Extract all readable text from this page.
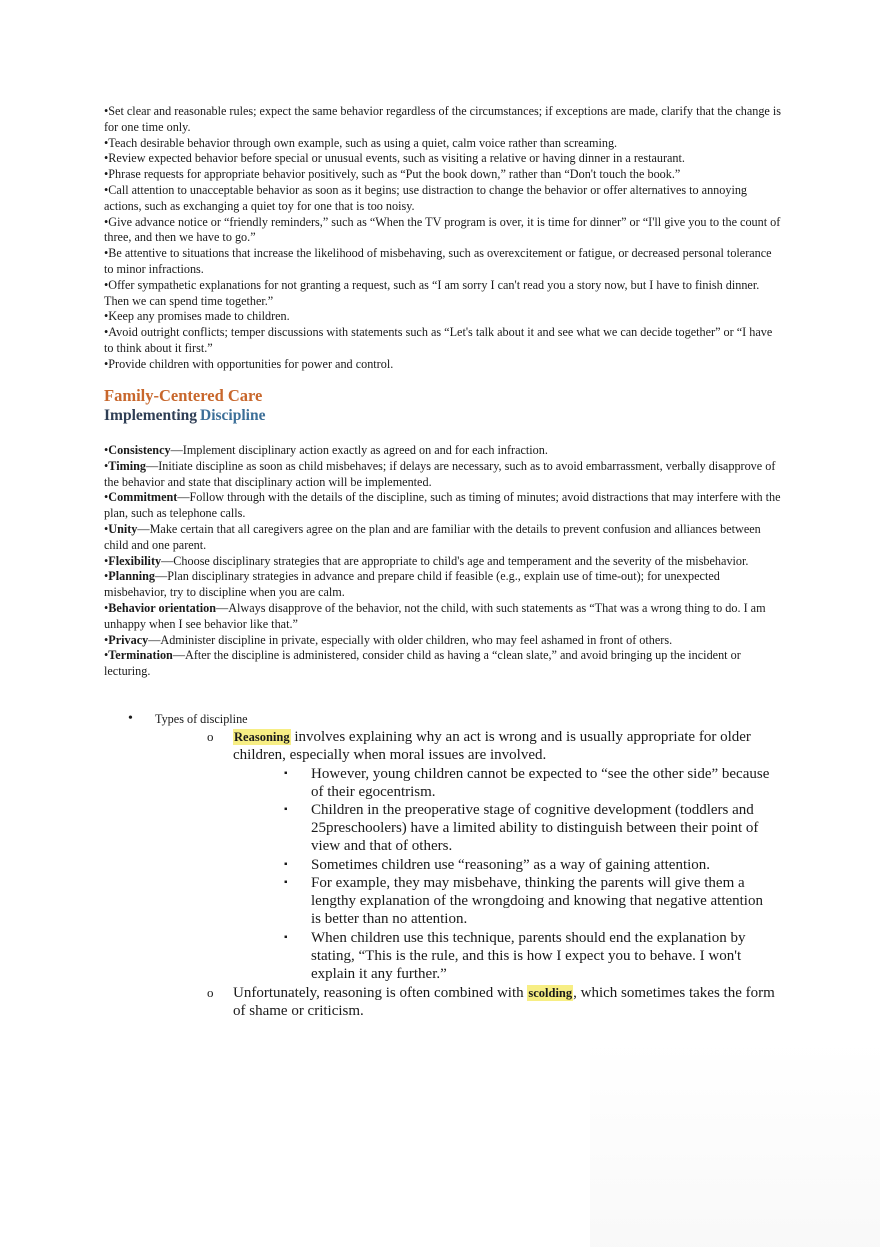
•Set clear and reasonable rules; expect the same behavior regardless of the circumstances; if exceptions are made, clarify that the change is for one time only.

•Teach desirable behavior through own example, such as using a quiet, calm voice rather than screaming.

•Review expected behavior before special or unusual events, such as visiting a relative or having dinner in a restaurant.

•Phrase requests for appropriate behavior positively, such as “Put the book down,” rather than “Don't touch the book.”

•Call attention to unacceptable behavior as soon as it begins; use distraction to change the behavior or offer alternatives to annoying actions, such as exchanging a quiet toy for one that is too noisy.

•Give advance notice or “friendly reminders,” such as “When the TV program is over, it is time for dinner” or “I'll give you to the count of three, and then we have to go.”

•Be attentive to situations that increase the likelihood of misbehaving, such as overexcitement or fatigue, or decreased personal tolerance to minor infractions.

•Offer sympathetic explanations for not granting a request, such as “I am sorry I can't read you a story now, but I have to finish dinner. Then we can spend time together.”

•Keep any promises made to children.

•Avoid outright conflicts; temper discussions with statements such as “Let's talk about it and see what we can decide together” or “I have to think about it first.”

•Provide children with opportunities for power and control.

Family-Centered Care
Implementing Discipline

•Consistency—Implement disciplinary action exactly as agreed on and for each infraction.

•Timing—Initiate discipline as soon as child misbehaves; if delays are necessary, such as to avoid embarrassment, verbally disapprove of the behavior and state that disciplinary action will be implemented.

•Commitment—Follow through with the details of the discipline, such as timing of minutes; avoid distractions that may interfere with the plan, such as telephone calls.

•Unity—Make certain that all caregivers agree on the plan and are familiar with the details to prevent confusion and alliances between child and one parent.

•Flexibility—Choose disciplinary strategies that are appropriate to child's age and temperament and the severity of the misbehavior.

•Planning—Plan disciplinary strategies in advance and prepare child if feasible (e.g., explain use of time-out); for unexpected misbehavior, try to discipline when you are calm.

•Behavior orientation—Always disapprove of the behavior, not the child, with such statements as “That was a wrong thing to do. I am unhappy when I see behavior like that.”

•Privacy—Administer discipline in private, especially with older children, who may feel ashamed in front of others.

•Termination—After the discipline is administered, consider child as having a “clean slate,” and avoid bringing up the incident or lecturing.

• Types of discipline
o Reasoning involves explaining why an act is wrong and is usually appropriate for older children, especially when moral issues are involved.
▪ However, young children cannot be expected to “see the other side” because of their egocentrism.
▪ Children in the preoperative stage of cognitive development (toddlers and 25preschoolers) have a limited ability to distinguish between their point of view and that of others.
▪ Sometimes children use “reasoning” as a way of gaining attention.
▪ For example, they may misbehave, thinking the parents will give them a lengthy explanation of the wrongdoing and knowing that negative attention is better than no attention.
▪ When children use this technique, parents should end the explanation by stating, “This is the rule, and this is how I expect you to behave. I won't explain it any further.”
o Unfortunately, reasoning is often combined with scolding, which sometimes takes the form of shame or criticism.
